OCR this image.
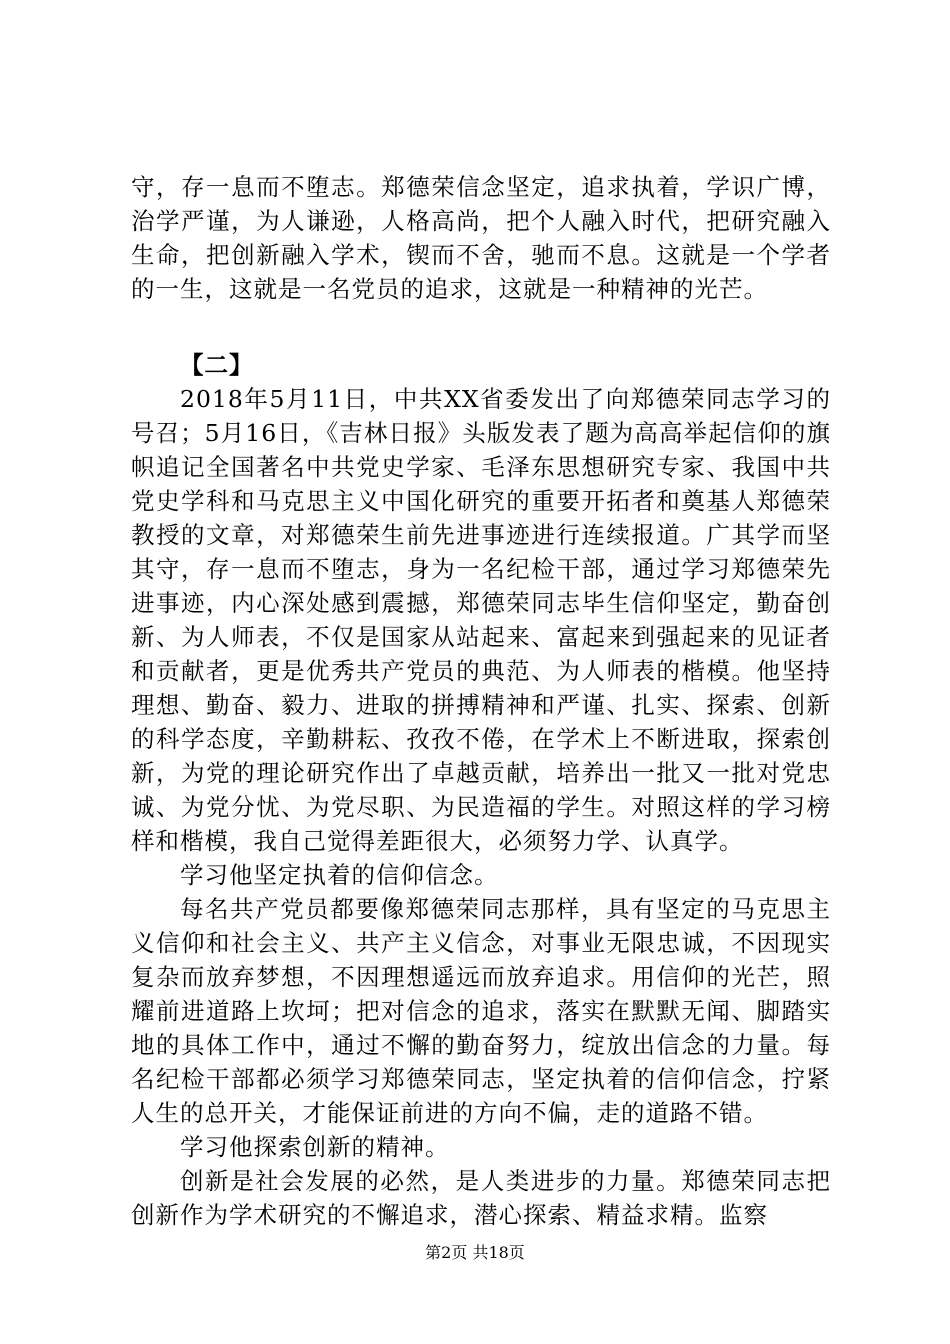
守，存一息而不堕志。郑德荣信念坚定，追求执着，学识广博，治学严谨，为人谦逊，人格高尚，把个人融入时代，把研究融入生命，把创新融入学术，锲而不舍，驰而不息。这就是一个学者的一生，这就是一名党员的追求，这就是一种精神的光芒。

【二】

2018年5月11日，中共XX省委发出了向郑德荣同志学习的号召；5月16日，《吉林日报》头版发表了题为高高举起信仰的旗帜追记全国著名中共党史学家、毛泽东思想研究专家、我国中共党史学科和马克思主义中国化研究的重要开拓者和奠基人郑德荣教授的文章，对郑德荣生前先进事迹进行连续报道。广其学而坚其守，存一息而不堕志，身为一名纪检干部，通过学习郑德荣先进事迹，内心深处感到震撼，郑德荣同志毕生信仰坚定，勤奋创新、为人师表，不仅是国家从站起来、富起来到强起来的见证者和贡献者，更是优秀共产党员的典范、为人师表的楷模。他坚持理想、勤奋、毅力、进取的拼搏精神和严谨、扎实、探索、创新的科学态度，辛勤耕耘、孜孜不倦，在学术上不断进取，探索创新，为党的理论研究作出了卓越贡献，培养出一批又一批对党忠诚、为党分忧、为党尽职、为民造福的学生。对照这样的学习榜样和楷模，我自己觉得差距很大，必须努力学、认真学。

学习他坚定执着的信仰信念。

每名共产党员都要像郑德荣同志那样，具有坚定的马克思主义信仰和社会主义、共产主义信念，对事业无限忠诚，不因现实复杂而放弃梦想，不因理想遥远而放弃追求。用信仰的光芒，照耀前进道路上坎坷；把对信念的追求，落实在默默无闻、脚踏实地的具体工作中，通过不懈的勤奋努力，绽放出信念的力量。每名纪检干部都必须学习郑德荣同志，坚定执着的信仰信念，拧紧人生的总开关，才能保证前进的方向不偏，走的道路不错。

学习他探索创新的精神。

创新是社会发展的必然，是人类进步的力量。郑德荣同志把创新作为学术研究的不懈追求，潜心探索、精益求精。监察

第2页 共18页
